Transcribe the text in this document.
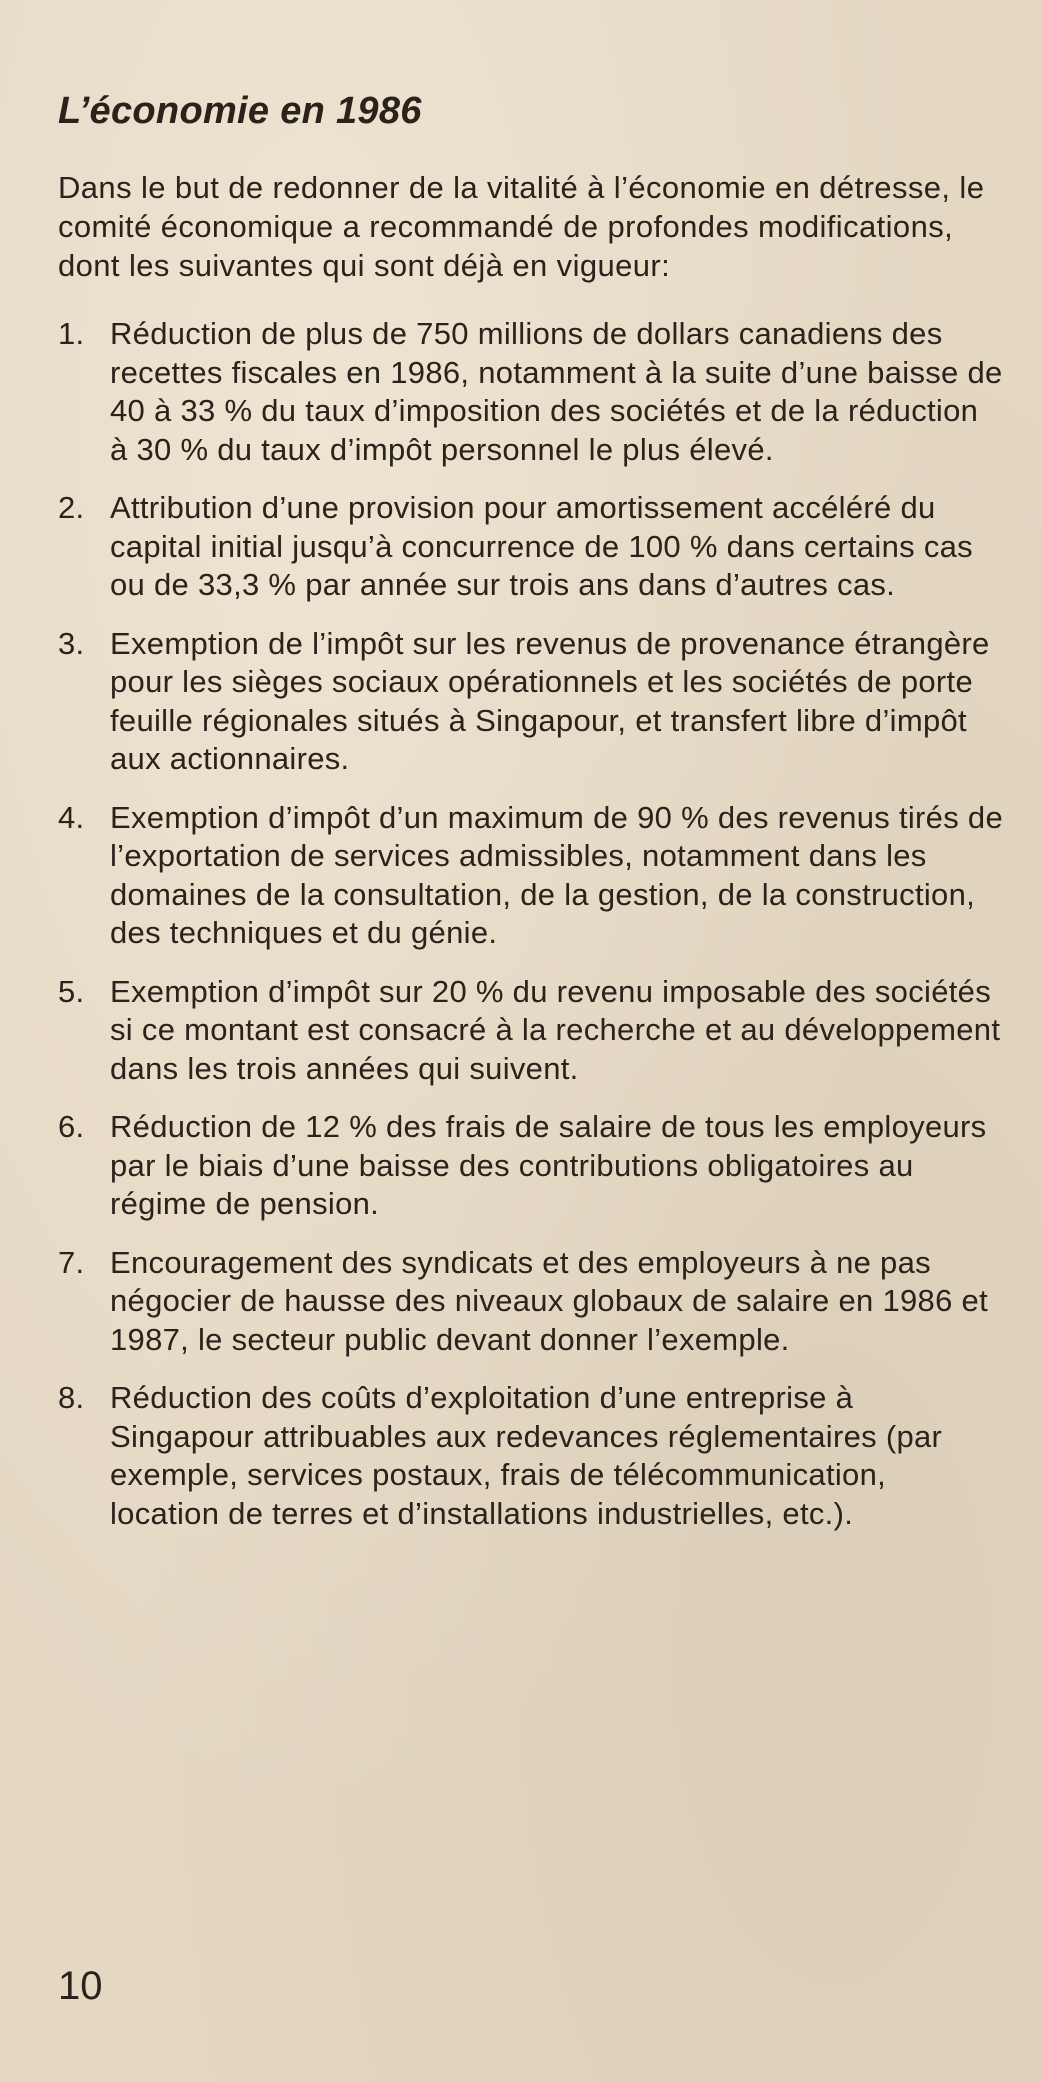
L’économie en 1986

Dans le but de redonner de la vitalité à l’économie en détresse, le comité économique a recommandé de profondes modifications, dont les suivantes qui sont déjà en vigueur:

1. Réduction de plus de 750 millions de dollars canadiens des recettes fiscales en 1986, notamment à la suite d’une baisse de 40 à 33 % du taux d’imposition des sociétés et de la réduction à 30 % du taux d’impôt personnel le plus élevé.
2. Attribution d’une provision pour amortissement accéléré du capital initial jusqu’à concurrence de 100 % dans certains cas ou de 33,3 % par année sur trois ans dans d’autres cas.
3. Exemption de l’impôt sur les revenus de provenance étrangère pour les sièges sociaux opérationnels et les sociétés de porte feuille régionales situés à Singapour, et transfert libre d’impôt aux actionnaires.
4. Exemption d’impôt d’un maximum de 90 % des revenus tirés de l’exportation de services admissibles, notamment dans les domaines de la consultation, de la gestion, de la construction, des techniques et du génie.
5. Exemption d’impôt sur 20 % du revenu imposable des sociétés si ce montant est consacré à la recherche et au développement dans les trois années qui suivent.
6. Réduction de 12 % des frais de salaire de tous les employeurs par le biais d’une baisse des contributions obligatoires au régime de pension.
7. Encouragement des syndicats et des employeurs à ne pas négocier de hausse des niveaux globaux de salaire en 1986 et 1987, le secteur public devant donner l’exemple.
8. Réduction des coûts d’exploitation d’une entreprise à Singapour attribuables aux redevances réglementaires (par exemple, services postaux, frais de télécommunication, location de terres et d’installations industrielles, etc.).
10
